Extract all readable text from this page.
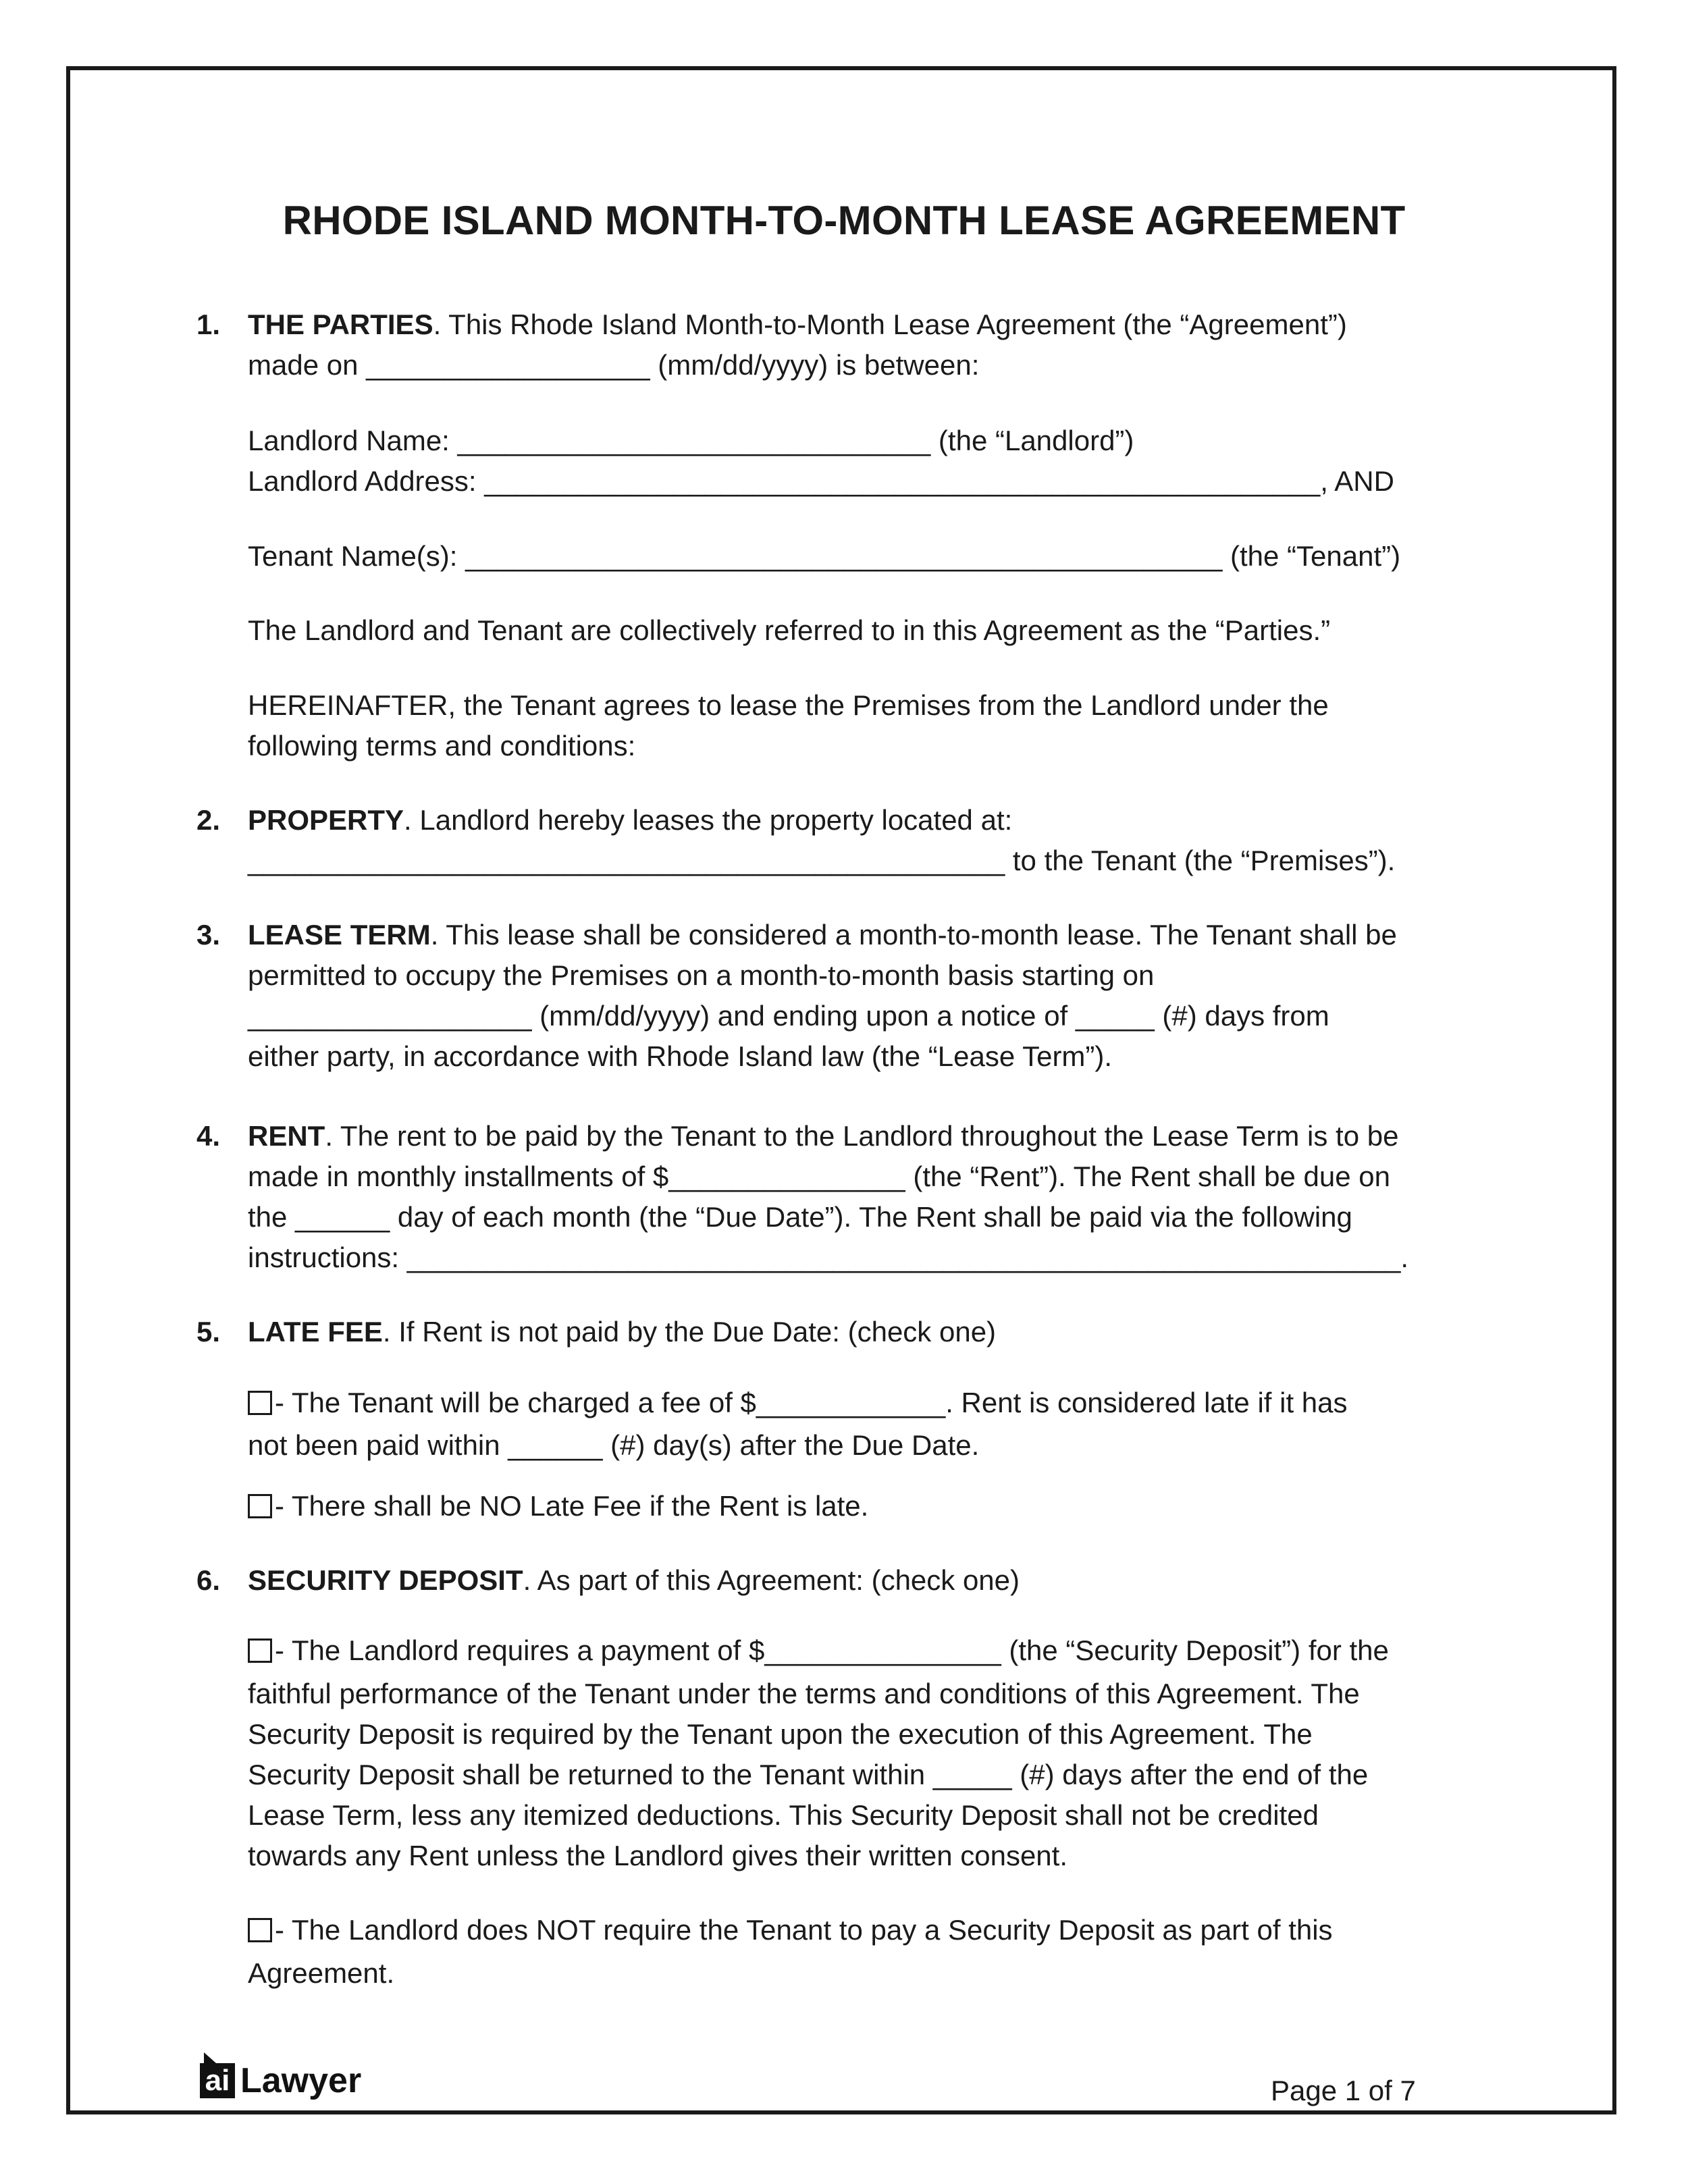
RHODE ISLAND MONTH-TO-MONTH LEASE AGREEMENT
1. THE PARTIES. This Rhode Island Month-to-Month Lease Agreement (the “Agreement”)
made on __________________ (mm/dd/yyyy) is between:
Landlord Name: ______________________________ (the “Landlord”)
Landlord Address: _____________________________________________________, AND
Tenant Name(s): ________________________________________________ (the “Tenant”)
The Landlord and Tenant are collectively referred to in this Agreement as the “Parties.”
HEREINAFTER, the Tenant agrees to lease the Premises from the Landlord under the
following terms and conditions:
2. PROPERTY. Landlord hereby leases the property located at:
________________________________________________ to the Tenant (the “Premises”).
3. LEASE TERM. This lease shall be considered a month-to-month lease. The Tenant shall be
permitted to occupy the Premises on a month-to-month basis starting on
__________________ (mm/dd/yyyy) and ending upon a notice of _____ (#) days from
either party, in accordance with Rhode Island law (the “Lease Term”).
4. RENT. The rent to be paid by the Tenant to the Landlord throughout the Lease Term is to be
made in monthly installments of $_______________ (the “Rent”). The Rent shall be due on
the ______ day of each month (the “Due Date”). The Rent shall be paid via the following
instructions: _______________________________________________________________.
5. LATE FEE. If Rent is not paid by the Due Date: (check one)
- The Tenant will be charged a fee of $____________. Rent is considered late if it has
not been paid within ______ (#) day(s) after the Due Date.
- There shall be NO Late Fee if the Rent is late.
6. SECURITY DEPOSIT. As part of this Agreement: (check one)
- The Landlord requires a payment of $_______________ (the “Security Deposit”) for the
faithful performance of the Tenant under the terms and conditions of this Agreement. The
Security Deposit is required by the Tenant upon the execution of this Agreement. The
Security Deposit shall be returned to the Tenant within _____ (#) days after the end of the
Lease Term, less any itemized deductions. This Security Deposit shall not be credited
towards any Rent unless the Landlord gives their written consent.
- The Landlord does NOT require the Tenant to pay a Security Deposit as part of this
Agreement.
ai Lawyer	Page 1 of 7
